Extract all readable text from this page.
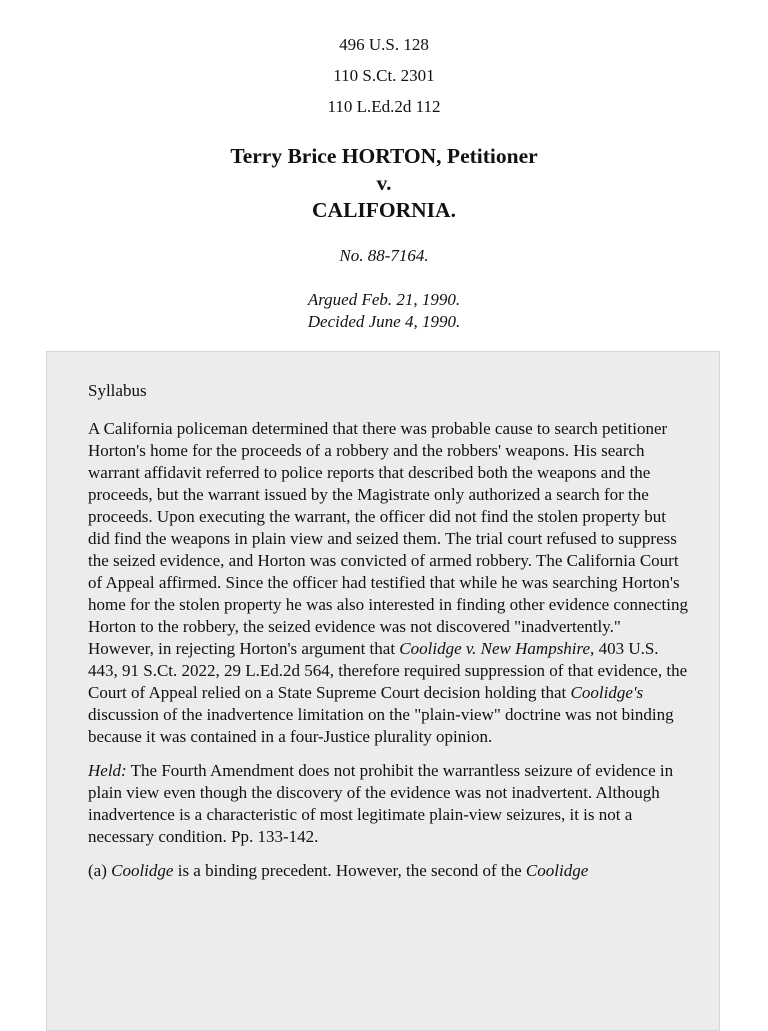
496 U.S. 128
110 S.Ct. 2301
110 L.Ed.2d 112
Terry Brice HORTON, Petitioner
v.
CALIFORNIA.
No. 88-7164.
Argued Feb. 21, 1990.
Decided June 4, 1990.

Syllabus

A California policeman determined that there was probable cause to search petitioner Horton's home for the proceeds of a robbery and the robbers' weapons. His search warrant affidavit referred to police reports that described both the weapons and the proceeds, but the warrant issued by the Magistrate only authorized a search for the proceeds. Upon executing the warrant, the officer did not find the stolen property but did find the weapons in plain view and seized them. The trial court refused to suppress the seized evidence, and Horton was convicted of armed robbery. The California Court of Appeal affirmed. Since the officer had testified that while he was searching Horton's home for the stolen property he was also interested in finding other evidence connecting Horton to the robbery, the seized evidence was not discovered "inadvertently." However, in rejecting Horton's argument that Coolidge v. New Hampshire, 403 U.S. 443, 91 S.Ct. 2022, 29 L.Ed.2d 564, therefore required suppression of that evidence, the Court of Appeal relied on a State Supreme Court decision holding that Coolidge's discussion of the inadvertence limitation on the "plain-view" doctrine was not binding because it was contained in a four-Justice plurality opinion.

Held: The Fourth Amendment does not prohibit the warrantless seizure of evidence in plain view even though the discovery of the evidence was not inadvertent. Although inadvertence is a characteristic of most legitimate plain-view seizures, it is not a necessary condition. Pp. 133-142.

(a) Coolidge is a binding precedent. However, the second of the Coolidge
